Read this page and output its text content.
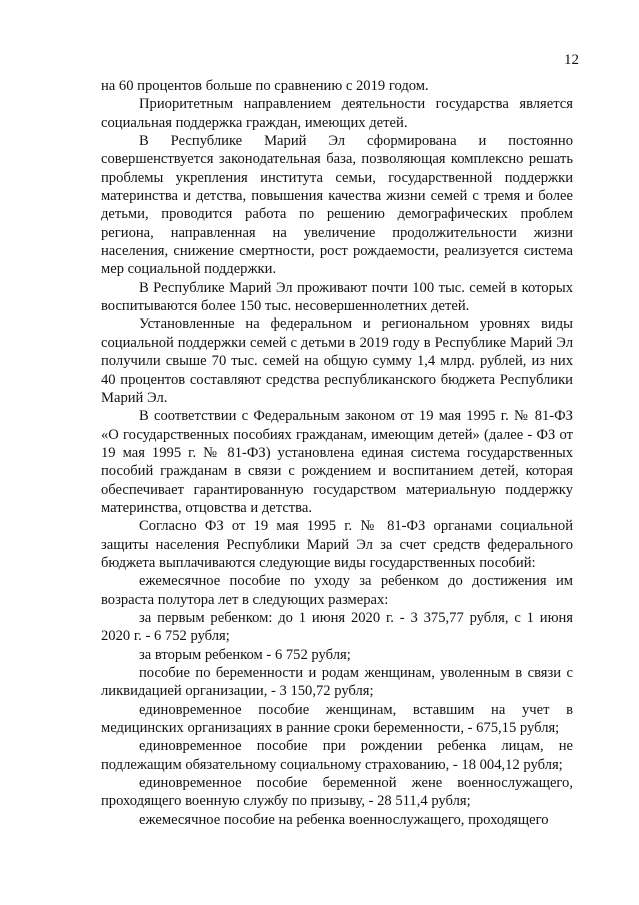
12

на 60 процентов больше по сравнению с 2019 годом.

Приоритетным направлением деятельности государства является социальная поддержка граждан, имеющих детей.

В Республике Марий Эл сформирована и постоянно совершенствуется законодательная база, позволяющая комплексно решать проблемы укрепления института семьи, государственной поддержки материнства и детства, повышения качества жизни семей с тремя и более детьми, проводится работа по решению демографических проблем региона, направленная на увеличение продолжительности жизни населения, снижение смертности, рост рождаемости, реализуется система мер социальной поддержки.

В Республике Марий Эл проживают почти 100 тыс. семей в которых воспитываются более 150 тыс. несовершеннолетних детей.

Установленные на федеральном и региональном уровнях виды социальной поддержки семей с детьми в 2019 году в Республике Марий Эл получили свыше 70 тыс. семей на общую сумму 1,4 млрд. рублей, из них 40 процентов составляют средства республиканского бюджета Республики Марий Эл.

В соответствии с Федеральным законом от 19 мая 1995 г. № 81-ФЗ «О государственных пособиях гражданам, имеющим детей» (далее - ФЗ от 19 мая 1995 г. № 81-ФЗ) установлена единая система государственных пособий гражданам в связи с рождением и воспитанием детей, которая обеспечивает гарантированную государством материальную поддержку материнства, отцовства и детства.

Согласно ФЗ от 19 мая 1995 г. № 81-ФЗ органами социальной защиты населения Республики Марий Эл за счет средств федерального бюджета выплачиваются следующие виды государственных пособий:

ежемесячное пособие по уходу за ребенком до достижения им возраста полутора лет в следующих размерах:

за первым ребенком: до 1 июня 2020 г. - 3 375,77 рубля, с 1 июня 2020 г. - 6 752 рубля;

за вторым ребенком - 6 752 рубля;

пособие по беременности и родам женщинам, уволенным в связи с ликвидацией организации, - 3 150,72 рубля;

единовременное пособие женщинам, вставшим на учет в медицинских организациях в ранние сроки беременности, - 675,15 рубля;

единовременное пособие при рождении ребенка лицам, не подлежащим обязательному социальному страхованию, - 18 004,12 рубля;

единовременное пособие беременной жене военнослужащего, проходящего военную службу по призыву, - 28 511,4 рубля;

ежемесячное пособие на ребенка военнослужащего, проходящего
